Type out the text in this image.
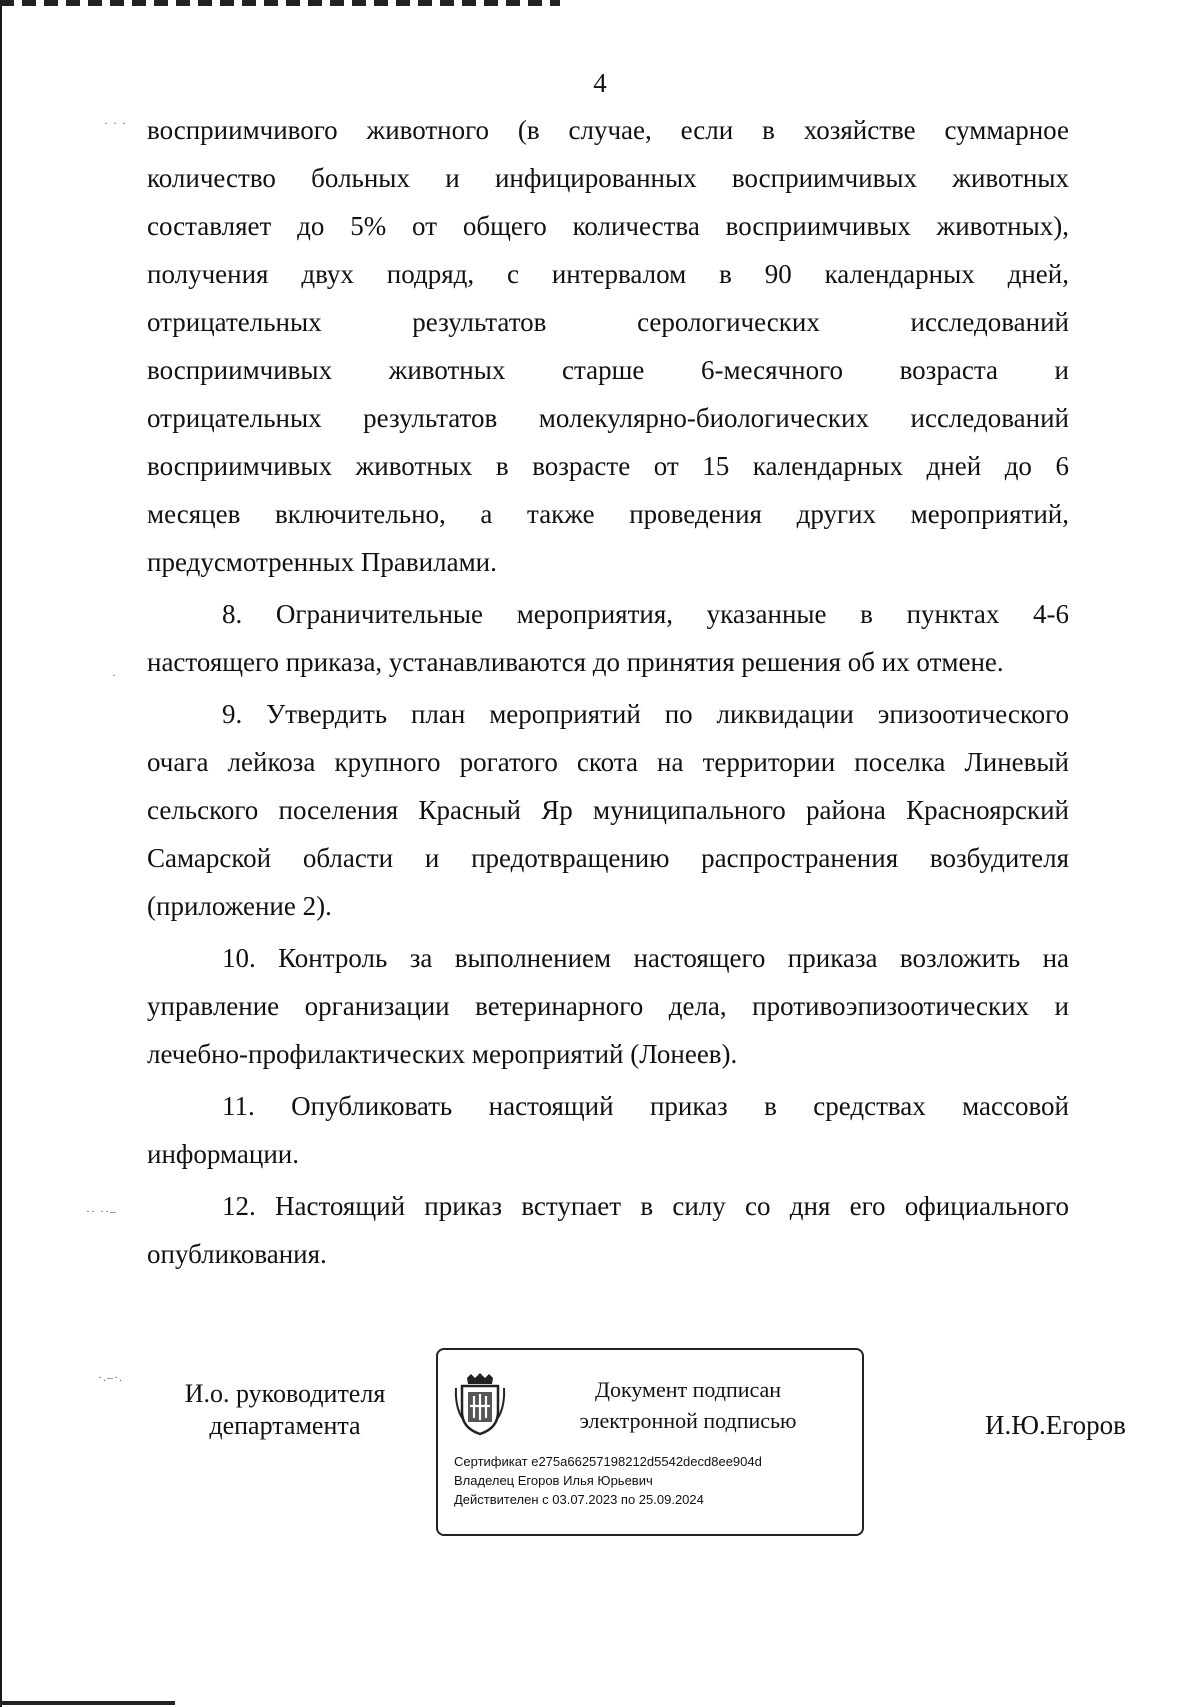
· · ·
·
·· ··–
·.–·.
4
восприимчивого животного (в случае, если в хозяйстве суммарное
количество больных и инфицированных восприимчивых животных
составляет до 5% от общего количества восприимчивых животных),
получения двух подряд, с интервалом в 90 календарных дней,
отрицательных результатов серологических исследований
восприимчивых животных старше 6-месячного возраста и
отрицательных результатов молекулярно-биологических исследований
восприимчивых животных в возрасте от 15 календарных дней до 6
месяцев включительно, а также проведения других мероприятий,
предусмотренных Правилами.
8. Ограничительные мероприятия, указанные в пунктах 4-6
настоящего приказа, устанавливаются до принятия решения об их отмене.
9. Утвердить план мероприятий по ликвидации эпизоотического
очага лейкоза крупного рогатого скота на территории поселка Линевый
сельского поселения Красный Яр муниципального района Красноярский
Самарской области и предотвращению распространения возбудителя
(приложение 2).
10. Контроль за выполнением настоящего приказа возложить на
управление организации ветеринарного дела, противоэпизоотических и
лечебно-профилактических мероприятий (Лонеев).
11. Опубликовать настоящий приказ в средствах массовой
информации.
12. Настоящий приказ вступает в силу со дня его официального
опубликования.
И.о. руководителя
департамента
Документ подписан
электронной подписью
Сертификат e275a66257198212d5542decd8ee904d
Владелец Егоров Илья Юрьевич
Действителен с 03.07.2023 по 25.09.2024
И.Ю.Егоров
